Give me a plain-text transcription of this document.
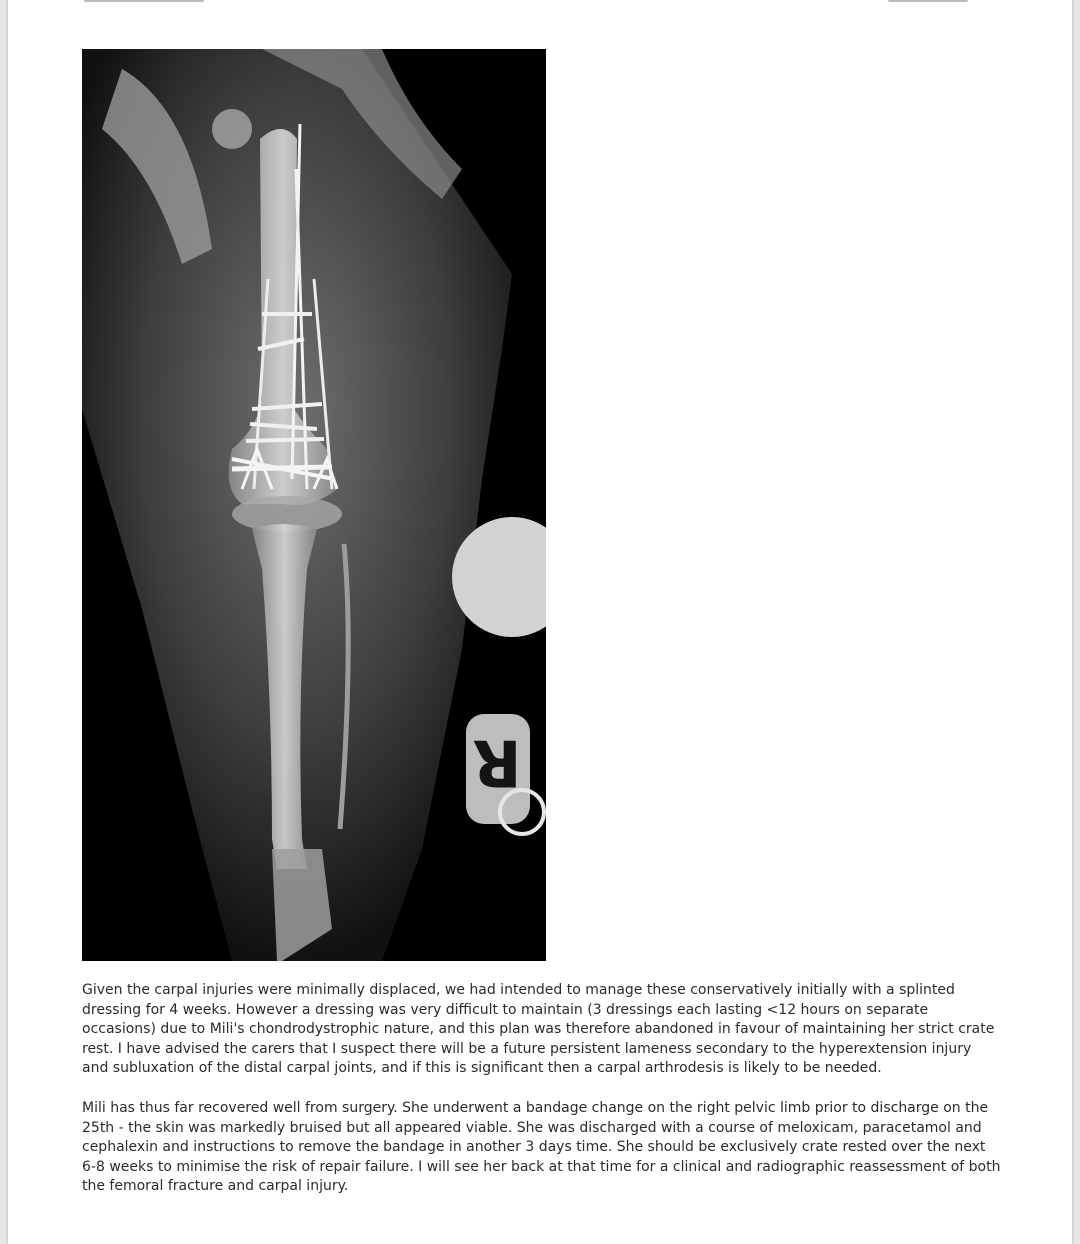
R

Given the carpal injuries were minimally displaced, we had intended to manage these conservatively initially with a splinted dressing for 4 weeks. However a dressing was very difficult to maintain (3 dressings each lasting <12 hours on separate occasions) due to Mili's chondrodystrophic nature, and this plan was therefore abandoned in favour of maintaining her strict crate rest. I have advised the carers that I suspect there will be a future persistent lameness secondary to the hyperextension injury and subluxation of the distal carpal joints, and if this is significant then a carpal arthrodesis is likely to be needed.

Mili has thus far recovered well from surgery. She underwent a bandage change on the right pelvic limb prior to discharge on the 25th - the skin was markedly bruised but all appeared viable. She was discharged with a course of meloxicam, paracetamol and cephalexin and instructions to remove the bandage in another 3 days time. She should be exclusively crate rested over the next 6-8 weeks to minimise the risk of repair failure. I will see her back at that time for a clinical and radiographic reassessment of both the femoral fracture and carpal injury.
